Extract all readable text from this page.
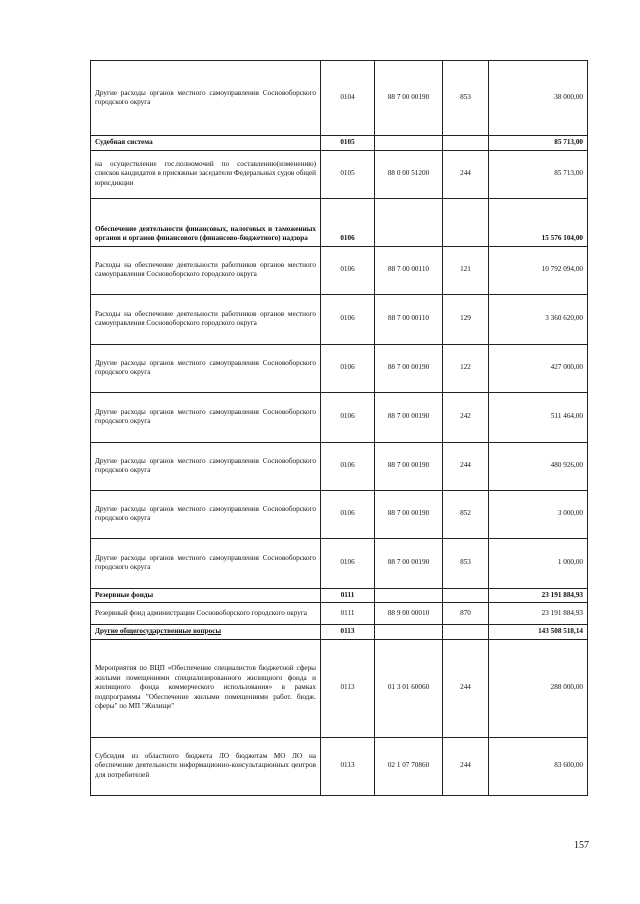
Другие расходы органов местного самоуправления Сосновоборского городского округа	0104	88 7 00 00190	853	38 000,00
Судебная система	0105			85 713,00
на осуществление гос.полномочий по составлению(изменению) списков кандидатов в присяжные заседатели Федеральных судов общей юрисдикции	0105	88 0 00 51200	244	85 713,00
Обеспечение деятельности финансовых, налоговых и таможенных органов и органов финансового (финансово-бюджетного) надзора	0106			15 576 104,00
Расходы на обеспечение деятельности работников органов местного самоуправления Сосновоборского городского округа	0106	88 7 00 00110	121	10 792 094,00
Расходы на обеспечение деятельности работников органов местного самоуправления Сосновоборского городского округа	0106	88 7 00 00110	129	3 360 620,00
Другие расходы органов местного самоуправления Сосновоборского городского округа	0106	88 7 00 00190	122	427 000,00
Другие расходы органов местного самоуправления Сосновоборского городского округа	0106	88 7 00 00190	242	511 464,00
Другие расходы органов местного самоуправления Сосновоборского городского округа	0106	88 7 00 00190	244	480 926,00
Другие расходы органов местного самоуправления Сосновоборского городского округа	0106	88 7 00 00190	852	3 000,00
Другие расходы органов местного самоуправления Сосновоборского городского округа	0106	88 7 00 00190	853	1 000,00
Резервные фонды	0111			23 191 884,93
Резервный фонд администрации Сосновоборского городского округа	0111	88 9 00 00010	870	23 191 884,93
Другие общегосударственные вопросы	0113			143 508 518,14
Мероприятия по ВЦП «Обеспечение специалистов бюджетной сферы жилыми помещениями специализированного жилищного фонда и жилищного фонда коммерческого использования» в рамках подпрограммы "Обеспечение жилыми помещениями работ. бюдж. сферы" по МП "Жилище"	0113	01 3 01 60060	244	288 000,00
Субсидия из областного бюджета ЛО бюджетам МО ЛО на обеспечение деятельности информационно-консультационных центров для потребителей	0113	02 1 07 70860	244	83 600,00
157
